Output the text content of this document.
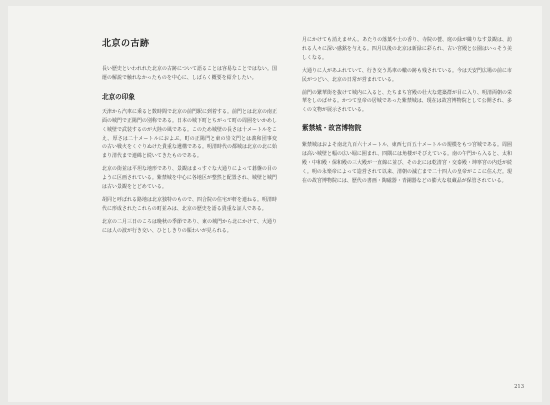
北京の古跡

長い歴史といわれれた北京の古跡について語ることは容易なことではない。国運の解説で触れなかったものを中心に、しばらく概要を紹介したい。

北京の印象

天津から汽車に乗ると数時間で北京の前門駅に到着する。前門とは北京の南正面の城門で正陽門の別称である。日本の城下町とちがって町の周囲をいかめしく城壁で武装するのが大陸の風である。このため城壁の長さは十メートルをこえ、厚さは二十メートルにおよぶ。町の正陽門と東の崇文門とは義和団事変の古い戦火をくぐりぬけた貴重な遺構である。明清時代の都城は北京の北に始まり清代まで連綿と続いてきたものである。

北京の街並は平坦な地形であり、景観はまっすぐな大通りによって碁盤の目のように区画されている。紫禁城を中心に各地区が整然と配置され、城壁と城門は古い景観をとどめている。

胡同と呼ばれる路地は北京独特のもので、四合院の住宅が軒を連ねる。明清時代に形成されたこれらの町並みは、北京の歴史を語る貴重な証人である。

北京の二月三日のころは晩秋の季節であり、東の城門から北にかけて、大通りには人の波が行き交い、ひとしきりの賑わいが見られる。

月にかけても消えません。あたりの落葉や土の香り、寺院の甍、庭の緑が織りなす景観は、訪れる人々に深い感銘を与える。四月以後の北京は新緑に彩られ、古い宮殿と公園はいっそう美しくなる。

大通りに人があふれていて、行き交う馬車の轍の跡も残されている。今は天安門広場の前に市民がつどい、北京の日常が営まれている。

前門の繁華街を抜けて城内に入ると、たちまち宮殿の壮大な建築群が目に入り、明清両朝の栄華をしのばせる。かつて皇帝の居城であった紫禁城は、現在は故宮博物院として公開され、多くの文物が展示されている。

紫禁城・故宮博物院

紫禁城はおよそ南北九百六十メートル、東西七百五十メートルの規模をもつ宮城である。周囲は高い城壁と幅の広い堀に囲まれ、四隅には角楼がそびえている。南の午門から入ると、太和殿・中和殿・保和殿の三大殿が一直線に並び、その北には乾清宮・交泰殿・坤寧宮の内廷が続く。明の永楽帝によって造営されて以来、清朝の滅亡まで二十四人の皇帝がここに住んだ。現在の故宮博物院には、歴代の書画・陶磁器・青銅器などの膨大な収蔵品が保管されている。

213
